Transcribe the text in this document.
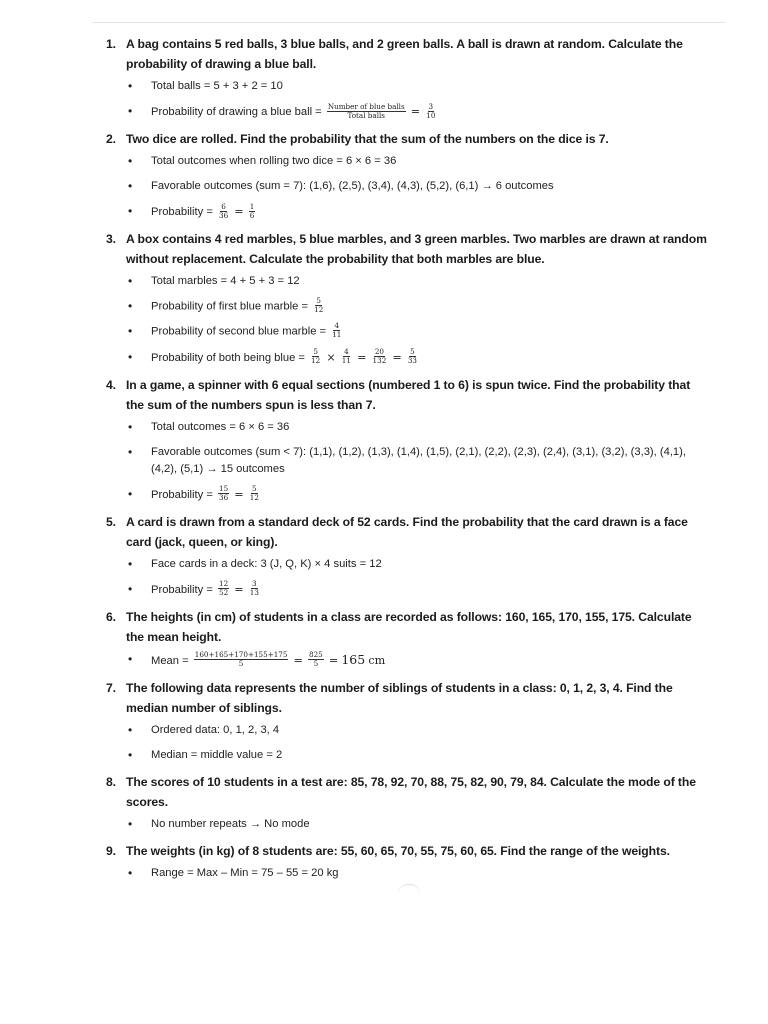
1. A bag contains 5 red balls, 3 blue balls, and 2 green balls. A ball is drawn at random. Calculate the probability of drawing a blue ball.
• Total balls = 5 + 3 + 2 = 10
• Probability of drawing a blue ball = $\frac{\text{Number of blue balls}}{\text{Total balls}} = \frac{3}{10}$
2. Two dice are rolled. Find the probability that the sum of the numbers on the dice is 7.
• Total outcomes when rolling two dice = 6 × 6 = 36
• Favorable outcomes (sum = 7): (1,6), (2,5), (3,4), (4,3), (5,2), (6,1) → 6 outcomes
• Probability = $\frac{6}{36} = \frac{1}{6}$
3. A box contains 4 red marbles, 5 blue marbles, and 3 green marbles. Two marbles are drawn at random without replacement. Calculate the probability that both marbles are blue.
• Total marbles = 4 + 5 + 3 = 12
• Probability of first blue marble = $\frac{5}{12}$
• Probability of second blue marble = $\frac{4}{11}$
• Probability of both being blue = $\frac{5}{12} \times \frac{4}{11} = \frac{20}{132} = \frac{5}{33}$
4. In a game, a spinner with 6 equal sections (numbered 1 to 6) is spun twice. Find the probability that the sum of the numbers spun is less than 7.
• Total outcomes = 6 × 6 = 36
• Favorable outcomes (sum < 7): (1,1), (1,2), (1,3), (1,4), (1,5), (2,1), (2,2), (2,3), (2,4), (3,1), (3,2), (3,3), (4,1), (4,2), (5,1) → 15 outcomes
• Probability = $\frac{15}{36} = \frac{5}{12}$
5. A card is drawn from a standard deck of 52 cards. Find the probability that the card drawn is a face card (jack, queen, or king).
• Face cards in a deck: 3 (J, Q, K) × 4 suits = 12
• Probability = $\frac{12}{52} = \frac{3}{13}$
6. The heights (in cm) of students in a class are recorded as follows: 160, 165, 170, 155, 175. Calculate the mean height.
• Mean = $\frac{160+165+170+155+175}{5} = \frac{825}{5} = 165$ cm
7. The following data represents the number of siblings of students in a class: 0, 1, 2, 3, 4. Find the median number of siblings.
• Ordered data: 0, 1, 2, 3, 4
• Median = middle value = 2
8. The scores of 10 students in a test are: 85, 78, 92, 70, 88, 75, 82, 90, 79, 84. Calculate the mode of the scores.
• No number repeats → No mode
9. The weights (in kg) of 8 students are: 55, 60, 65, 70, 55, 75, 60, 65. Find the range of the weights.
• Range = Max – Min = 75 – 55 = 20 kg
